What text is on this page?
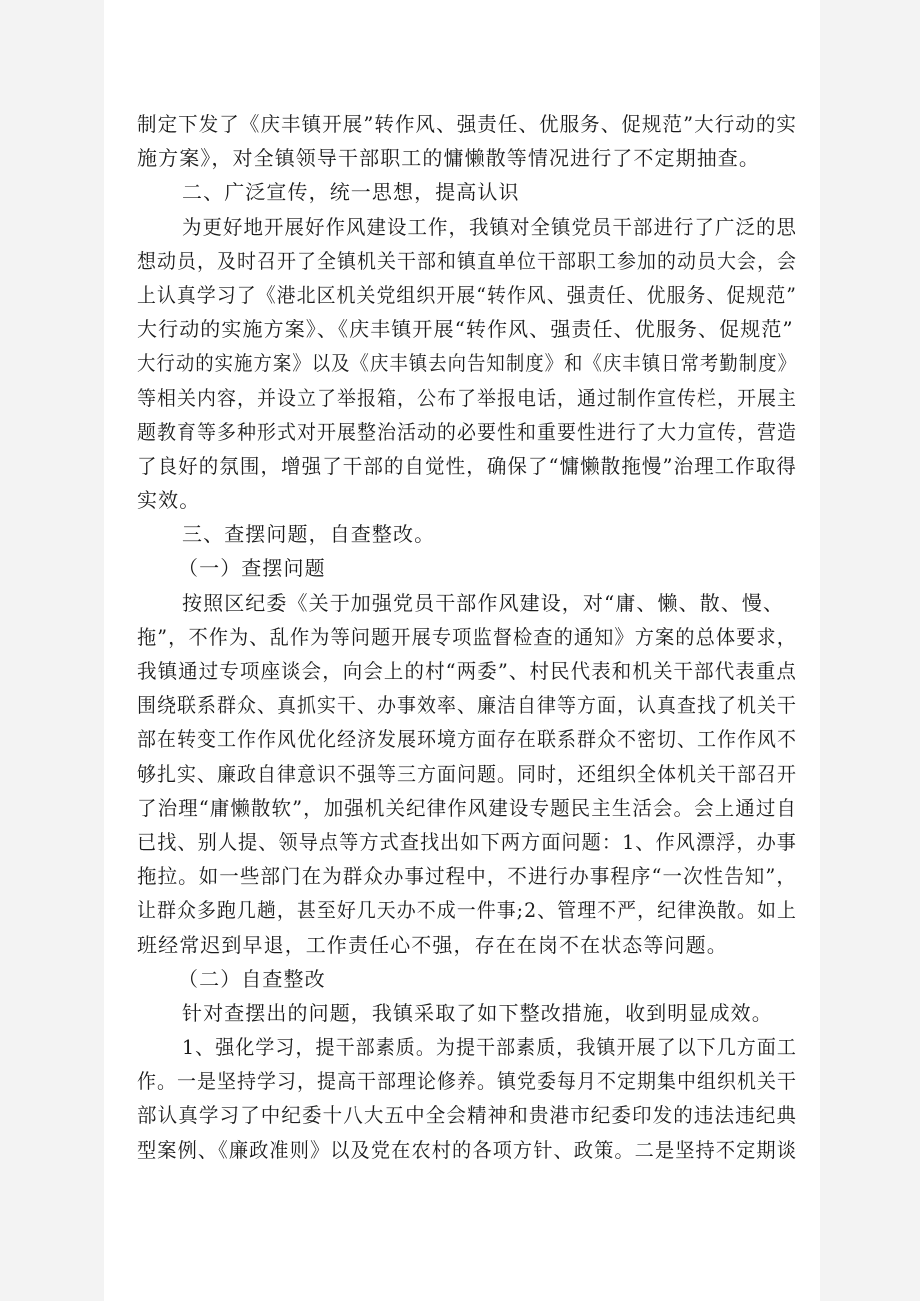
制定下发了《庆丰镇开展”转作风、强责任、优服务、促规范”大行动的实
施方案》，对全镇领导干部职工的慵懒散等情况进行了不定期抽查。
二、广泛宣传，统一思想，提高认识
为更好地开展好作风建设工作，我镇对全镇党员干部进行了广泛的思
想动员，及时召开了全镇机关干部和镇直单位干部职工参加的动员大会，会
上认真学习了《港北区机关党组织开展“转作风、强责任、优服务、促规范”
大行动的实施方案》、《庆丰镇开展“转作风、强责任、优服务、促规范”
大行动的实施方案》以及《庆丰镇去向告知制度》和《庆丰镇日常考勤制度》
等相关内容，并设立了举报箱，公布了举报电话，通过制作宣传栏，开展主
题教育等多种形式对开展整治活动的必要性和重要性进行了大力宣传，营造
了良好的氛围，增强了干部的自觉性，确保了“慵懒散拖慢”治理工作取得
实效。
三、查摆问题，自查整改。
（一）查摆问题
按照区纪委《关于加强党员干部作风建设，对“庸、懒、散、慢、
拖”，不作为、乱作为等问题开展专项监督检查的通知》方案的总体要求，
我镇通过专项座谈会，向会上的村“两委”、村民代表和机关干部代表重点
围绕联系群众、真抓实干、办事效率、廉洁自律等方面，认真查找了机关干
部在转变工作作风优化经济发展环境方面存在联系群众不密切、工作作风不
够扎实、廉政自律意识不强等三方面问题。同时，还组织全体机关干部召开
了治理“庸懒散软”，加强机关纪律作风建设专题民主生活会。会上通过自
已找、别人提、领导点等方式查找出如下两方面问题：1、作风漂浮，办事
拖拉。如一些部门在为群众办事过程中，不进行办事程序“一次性告知”，
让群众多跑几趟，甚至好几天办不成一件事;2、管理不严，纪律涣散。如上
班经常迟到早退，工作责任心不强，存在在岗不在状态等问题。
（二）自查整改
针对查摆出的问题，我镇采取了如下整改措施，收到明显成效。
1、强化学习，提干部素质。为提干部素质，我镇开展了以下几方面工
作。一是坚持学习，提高干部理论修养。镇党委每月不定期集中组织机关干
部认真学习了中纪委十八大五中全会精神和贵港市纪委印发的违法违纪典
型案例、《廉政准则》以及党在农村的各项方针、政策。二是坚持不定期谈
